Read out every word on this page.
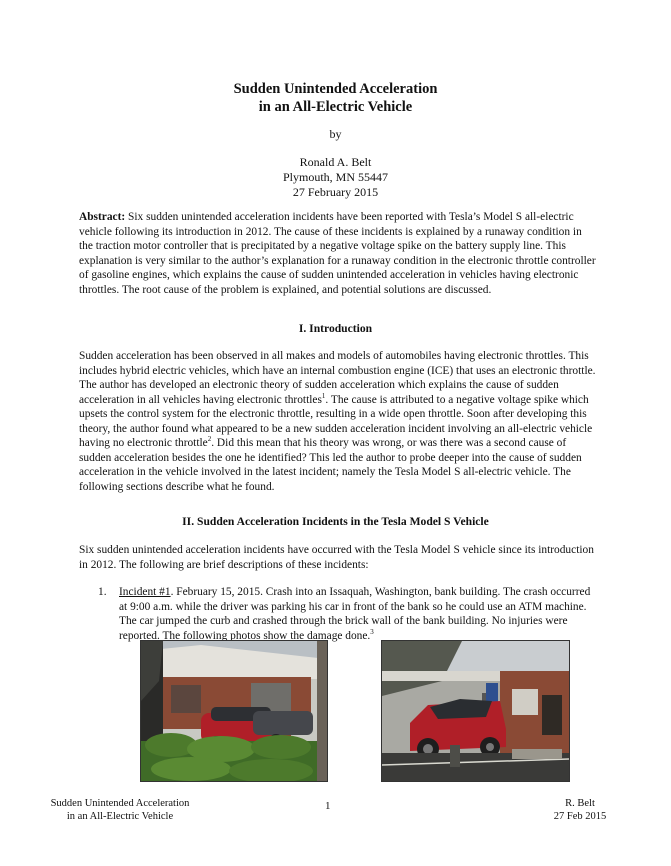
Sudden Unintended Acceleration
in an All-Electric Vehicle
by
Ronald A. Belt
Plymouth, MN 55447
27 February 2015
Abstract: Six sudden unintended acceleration incidents have been reported with Tesla’s Model S all-electric vehicle following its introduction in 2012. The cause of these incidents is explained by a runaway condition in the traction motor controller that is precipitated by a negative voltage spike on the battery supply line. This explanation is very similar to the author’s explanation for a runaway condition in the electronic throttle controller of gasoline engines, which explains the cause of sudden unintended acceleration in vehicles having electronic throttles. The root cause of the problem is explained, and potential solutions are discussed.
I. Introduction
Sudden acceleration has been observed in all makes and models of automobiles having electronic throttles. This includes hybrid electric vehicles, which have an internal combustion engine (ICE) that uses an electronic throttle. The author has developed an electronic theory of sudden acceleration which explains the cause of sudden acceleration in all vehicles having electronic throttles$^1$. The cause is attributed to a negative voltage spike which upsets the control system for the electronic throttle, resulting in a wide open throttle. Soon after developing this theory, the author found what appeared to be a new sudden acceleration incident involving an all-electric vehicle having no electronic throttle$^2$. Did this mean that his theory was wrong, or was there was a second cause of sudden acceleration besides the one he identified? This led the author to probe deeper into the cause of sudden acceleration in the vehicle involved in the latest incident; namely the Tesla Model S all-electric vehicle. The following sections describe what he found.
II. Sudden Acceleration Incidents in the Tesla Model S Vehicle
Six sudden unintended acceleration incidents have occurred with the Tesla Model S vehicle since its introduction in 2012. The following are brief descriptions of these incidents:
1. Incident #1. February 15, 2015. Crash into an Issaquah, Washington, bank building. The crash occurred at 9:00 a.m. while the driver was parking his car in front of the bank so he could use an ATM machine. The car jumped the curb and crashed through the brick wall of the bank building. No injuries were reported. The following photos show the damage done.$^3$
Sudden Unintended Acceleration
in an All-Electric Vehicle
1	R. Belt
27 Feb 2015
